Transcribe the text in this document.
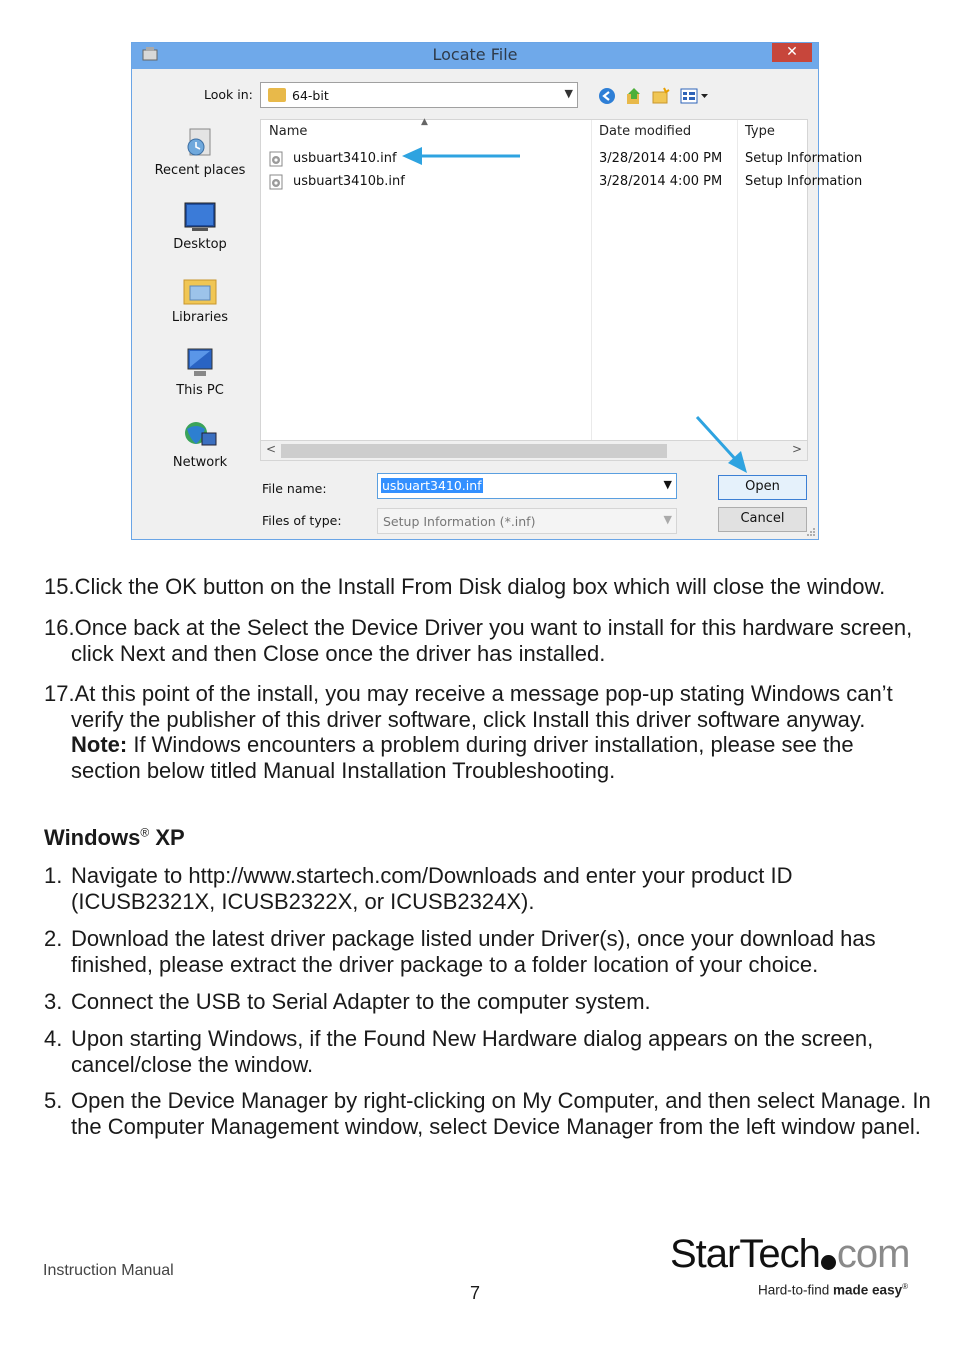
Locate File	✕
Look in:	64-bit	▼
Recent places
Desktop
Libraries
This PC
Network
Name
▲
Date modified	Type
usbuart3410.inf	3/28/2014 4:00 PM Setup Information
usbuart3410b.inf	3/28/2014 4:00 PM Setup Information
<	>
File name:	usbuart3410.inf	▼
Files of type:	Setup Information (*.inf)	▼
Open
Cancel
15.Click the OK button on the Install From Disk dialog box which will close the window.
16.Once back at the Select the Device Driver you want to install for this hardware screen, click Next and then Close once the driver has installed.
17.At this point of the install, you may receive a message pop-up stating Windows can’t verify the publisher of this driver software, click Install this driver software anyway.
Note: If Windows encounters a problem during driver installation, please see the section below titled Manual Installation Troubleshooting.
Windows® XP
1. Navigate to http://www.startech.com/Downloads and enter your product ID (ICUSB2321X, ICUSB2322X, or ICUSB2324X).
2. Download the latest driver package listed under Driver(s), once your download has finished, please extract the driver package to a folder location of your choice.
3. Connect the USB to Serial Adapter to the computer system.
4. Upon starting Windows, if the Found New Hardware dialog appears on the screen, cancel/close the window.
5. Open the Device Manager by right-clicking on My Computer, and then select Manage. In the Computer Management window, select Device Manager from the left window panel.
Instruction Manual
7
StarTech com
Hard-to-find made easy®
